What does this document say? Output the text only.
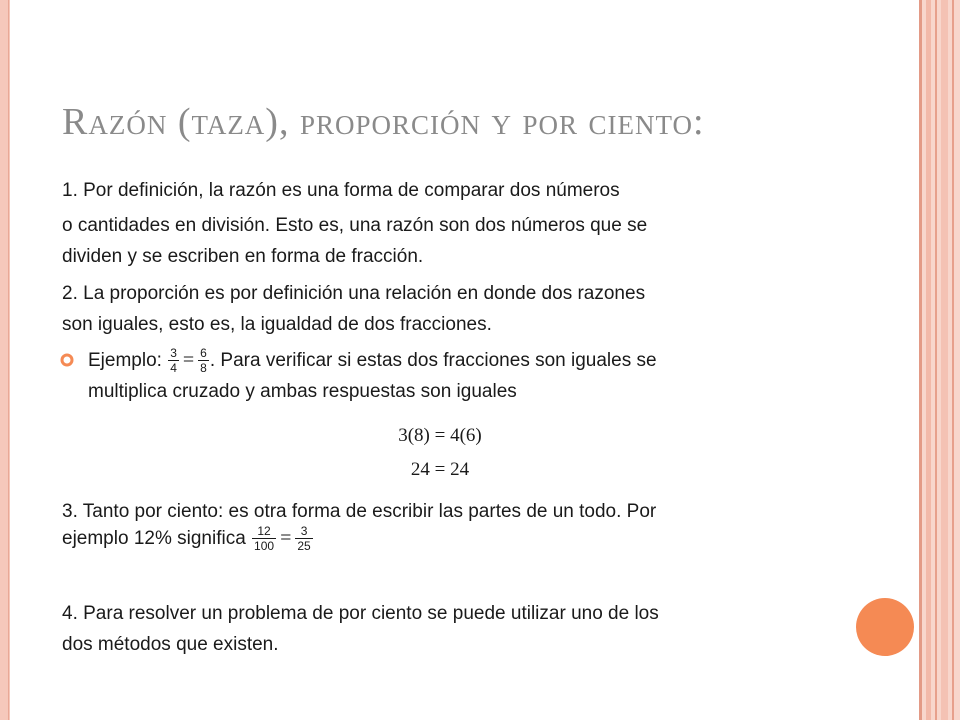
Razón (taza), proporción y por ciento:
1. Por definición, la razón es una forma de comparar dos números
o cantidades en división. Esto es, una razón son dos números que se
dividen y se escriben en forma de fracción.
2. La proporción es por definición una relación en donde dos razones
son iguales, esto es, la igualdad de dos fracciones.
Ejemplo: $\frac{3}{4} = \frac{6}{8}$ . Para verificar si estas dos fracciones son iguales se
multiplica cruzado y ambas respuestas son iguales
3(8) = 4(6)
24 = 24
3. Tanto por ciento: es otra forma de escribir las partes de un todo. Por
ejemplo 12% significa $\frac{12}{100} = \frac{3}{25}$
4. Para resolver un problema de por ciento se puede utilizar uno de los
dos métodos que existen.
